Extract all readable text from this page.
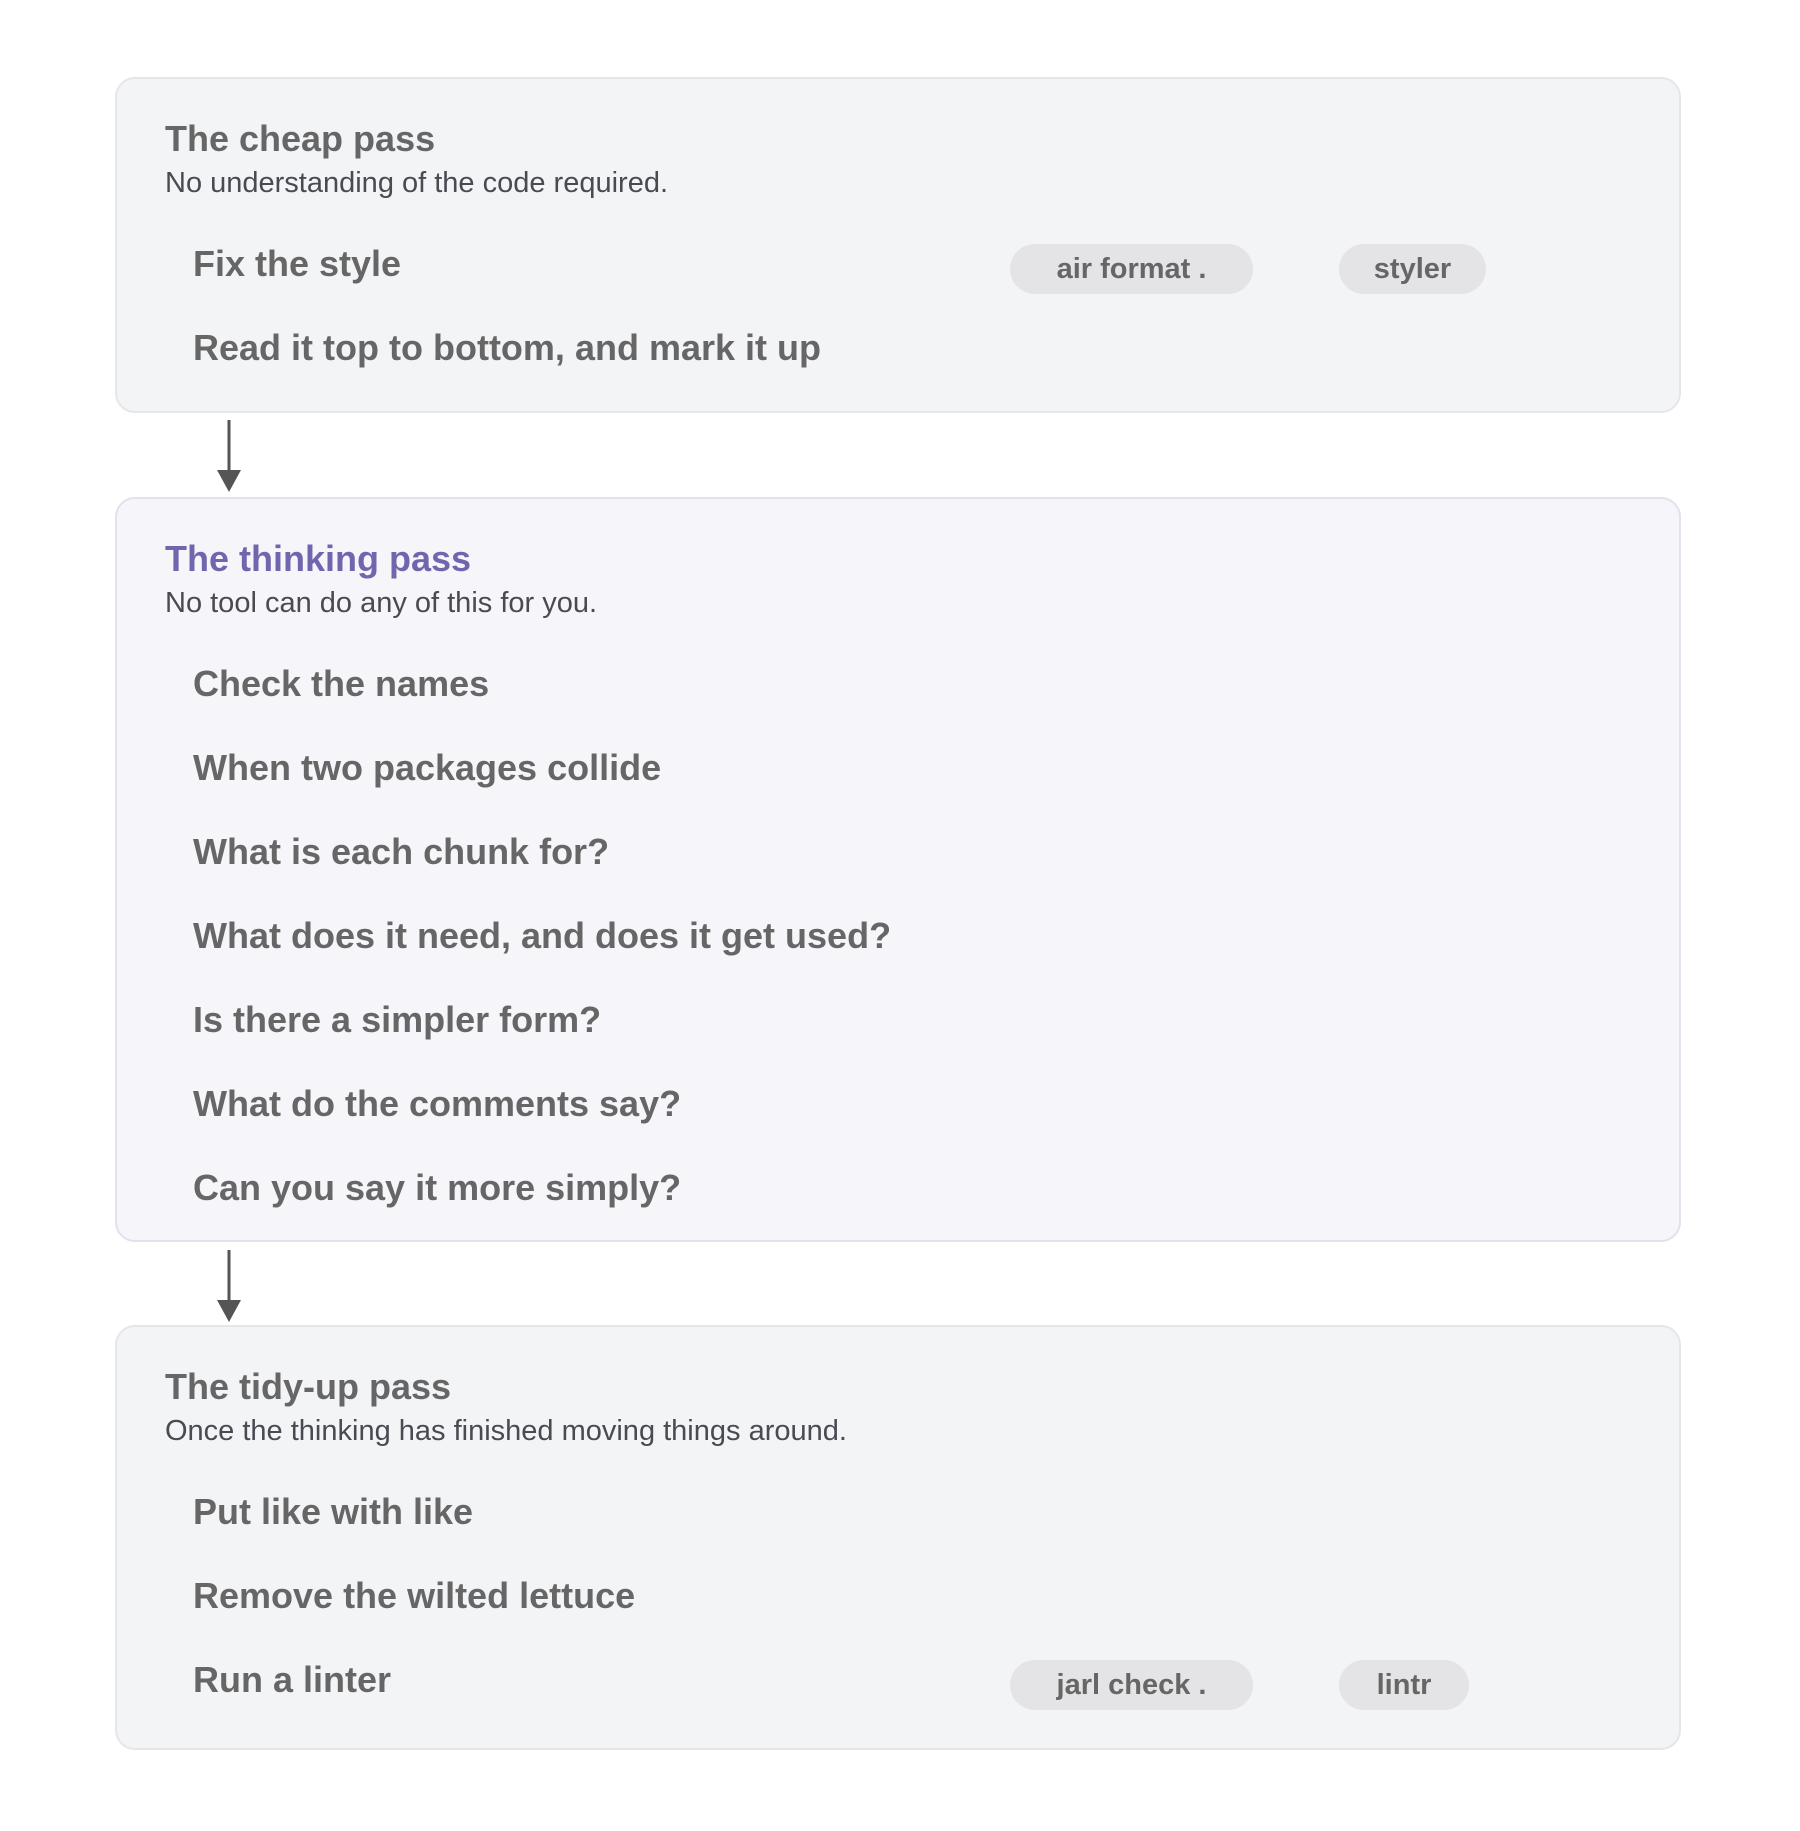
The cheap pass

No understanding of the code required.

Fix the style	air format .	styler
Read it top to bottom, and mark it up
The thinking pass

No tool can do any of this for you.

Check the names
When two packages collide
What is each chunk for?
What does it need, and does it get used?
Is there a simpler form?
What do the comments say?
Can you say it more simply?
The tidy-up pass

Once the thinking has finished moving things around.

Put like with like
Remove the wilted lettuce
Run a linter	jarl check .	lintr
